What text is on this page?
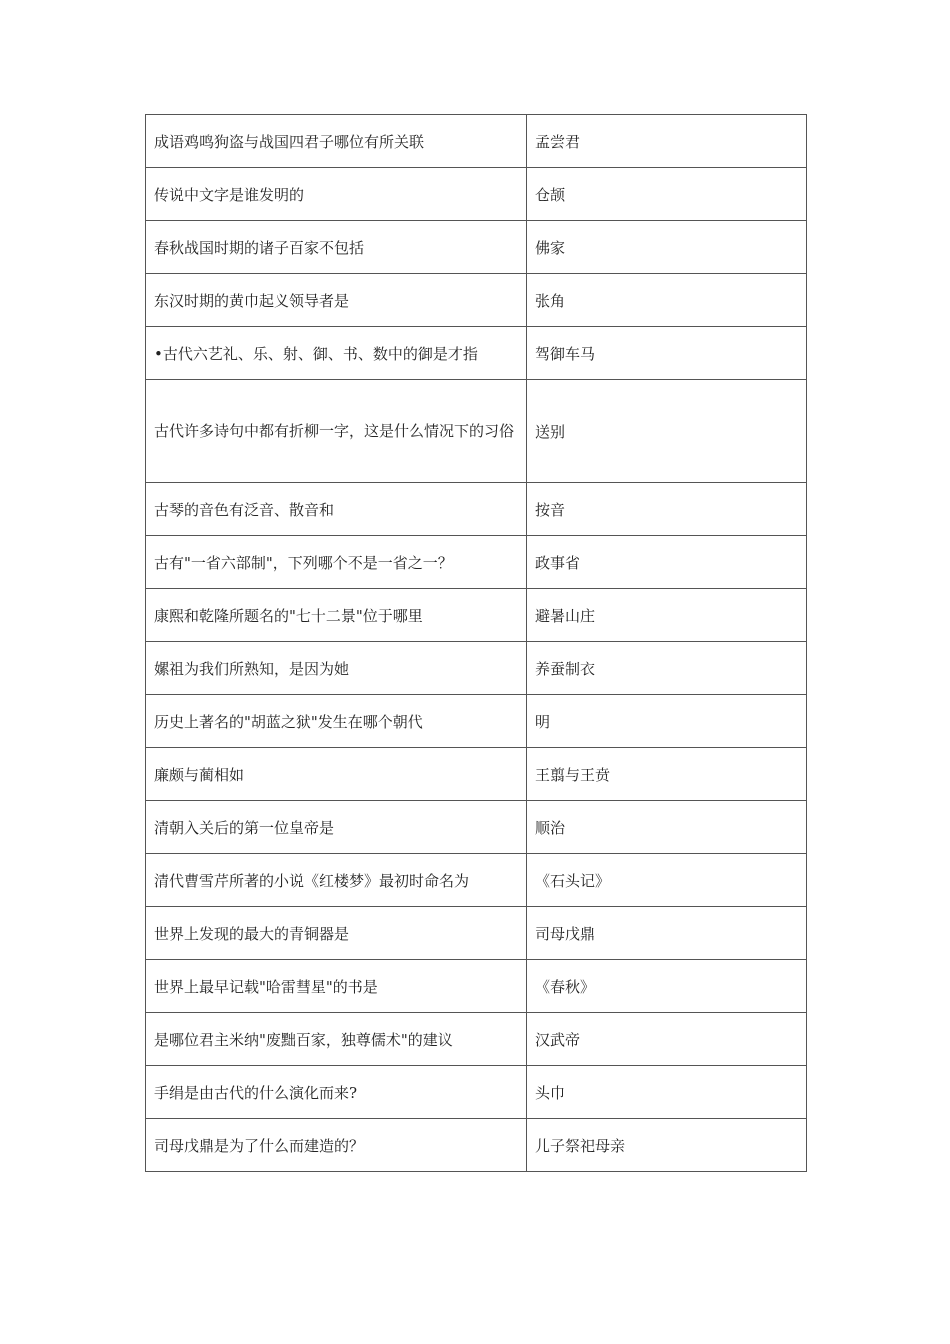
成语鸡鸣狗盗与战国四君子哪位有所关联	孟尝君
传说中文字是谁发明的	仓颉
春秋战国时期的诸子百家不包括	佛家
东汉时期的黄巾起义领导者是	张角
•古代六艺礼、乐、射、御、书、数中的御是才指	驾御车马
古代许多诗句中都有折柳一字，这是什么情况下的习俗	送别
古琴的音色有泛音、散音和	按音
古有"一省六部制"，下列哪个不是一省之一？	政事省
康熙和乾隆所题名的"七十二景"位于哪里	避暑山庄
嫘祖为我们所熟知，是因为她	养蚕制衣
历史上著名的"胡蓝之狱"发生在哪个朝代	明
廉颇与蔺相如	王翦与王贲
清朝入关后的第一位皇帝是	顺治
清代曹雪芹所著的小说《红楼梦》最初时命名为	《石头记》
世界上发现的最大的青铜器是	司母戊鼎
世界上最早记载"哈雷彗星"的书是	《春秋》
是哪位君主米纳"废黜百家，独尊儒术"的建议	汉武帝
手绢是由古代的什么演化而来?	头巾
司母戊鼎是为了什么而建造的？	儿子祭祀母亲
